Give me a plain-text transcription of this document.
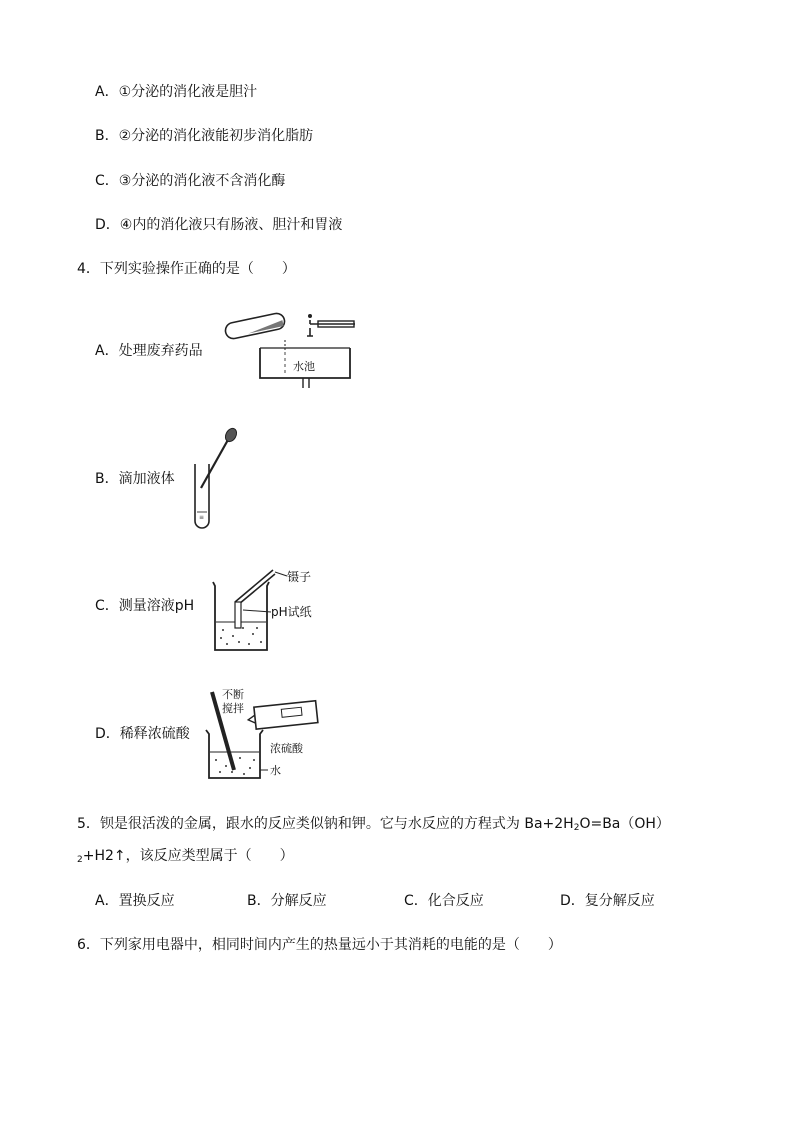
A．①分泌的消化液是胆汁
B．②分泌的消化液能初步消化脂肪
C．③分泌的消化液不含消化酶
D．④内的消化液只有肠液、胆汁和胃液
4．下列实验操作正确的是（　　）
A．处理废弃药品
水池
B．滴加液体
≡
C．测量溶液pH
镊子
pH试纸
D．稀释浓硫酸
不断
搅拌
浓硫酸
水
5．钡是很活泼的金属，跟水的反应类似钠和钾。它与水反应的方程式为 $Ba+2H_2O=Ba(OH)$
$_2$+H2↑，该反应类型属于（　　）
A．置换反应	B．分解反应	C．化合反应	D．复分解反应
6．下列家用电器中，相同时间内产生的热量远小于其消耗的电能的是（　　）
